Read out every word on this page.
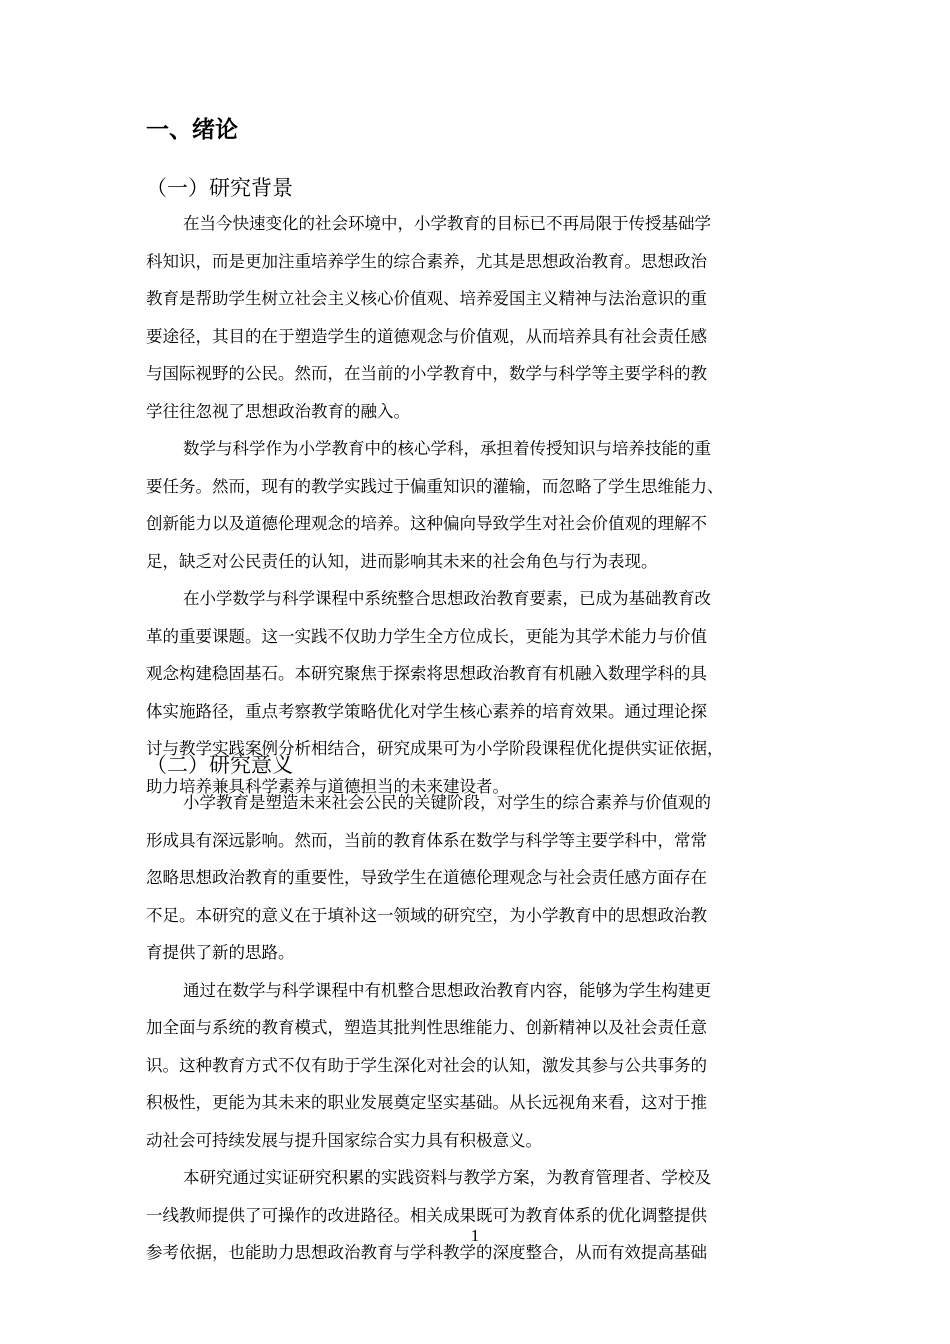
一、绪论
（一）研究背景
在当今快速变化的社会环境中，小学教育的目标已不再局限于传授基础学
科知识，而是更加注重培养学生的综合素养，尤其是思想政治教育。思想政治
教育是帮助学生树立社会主义核心价值观、培养爱国主义精神与法治意识的重
要途径，其目的在于塑造学生的道德观念与价值观，从而培养具有社会责任感
与国际视野的公民。然而，在当前的小学教育中，数学与科学等主要学科的教
学往往忽视了思想政治教育的融入。
数学与科学作为小学教育中的核心学科，承担着传授知识与培养技能的重
要任务。然而，现有的教学实践过于偏重知识的灌输，而忽略了学生思维能力、
创新能力以及道德伦理观念的培养。这种偏向导致学生对社会价值观的理解不
足，缺乏对公民责任的认知，进而影响其未来的社会角色与行为表现。
在小学数学与科学课程中系统整合思想政治教育要素，已成为基础教育改
革的重要课题。这一实践不仅助力学生全方位成长，更能为其学术能力与价值
观念构建稳固基石。本研究聚焦于探索将思想政治教育有机融入数理学科的具
体实施路径，重点考察教学策略优化对学生核心素养的培育效果。通过理论探
讨与教学实践案例分析相结合，研究成果可为小学阶段课程优化提供实证依据，
助力培养兼具科学素养与道德担当的未来建设者。
（二）研究意义
小学教育是塑造未来社会公民的关键阶段，对学生的综合素养与价值观的
形成具有深远影响。然而，当前的教育体系在数学与科学等主要学科中，常常
忽略思想政治教育的重要性，导致学生在道德伦理观念与社会责任感方面存在
不足。本研究的意义在于填补这一领域的研究空，为小学教育中的思想政治教
育提供了新的思路。
通过在数学与科学课程中有机整合思想政治教育内容，能够为学生构建更
加全面与系统的教育模式，塑造其批判性思维能力、创新精神以及社会责任意
识。这种教育方式不仅有助于学生深化对社会的认知，激发其参与公共事务的
积极性，更能为其未来的职业发展奠定坚实基础。从长远视角来看，这对于推
动社会可持续发展与提升国家综合实力具有积极意义。
本研究通过实证研究积累的实践资料与教学方案，为教育管理者、学校及
一线教师提供了可操作的改进路径。相关成果既可为教育体系的优化调整提供
参考依据，也能助力思想政治教育与学科教学的深度整合，从而有效提高基础
1
